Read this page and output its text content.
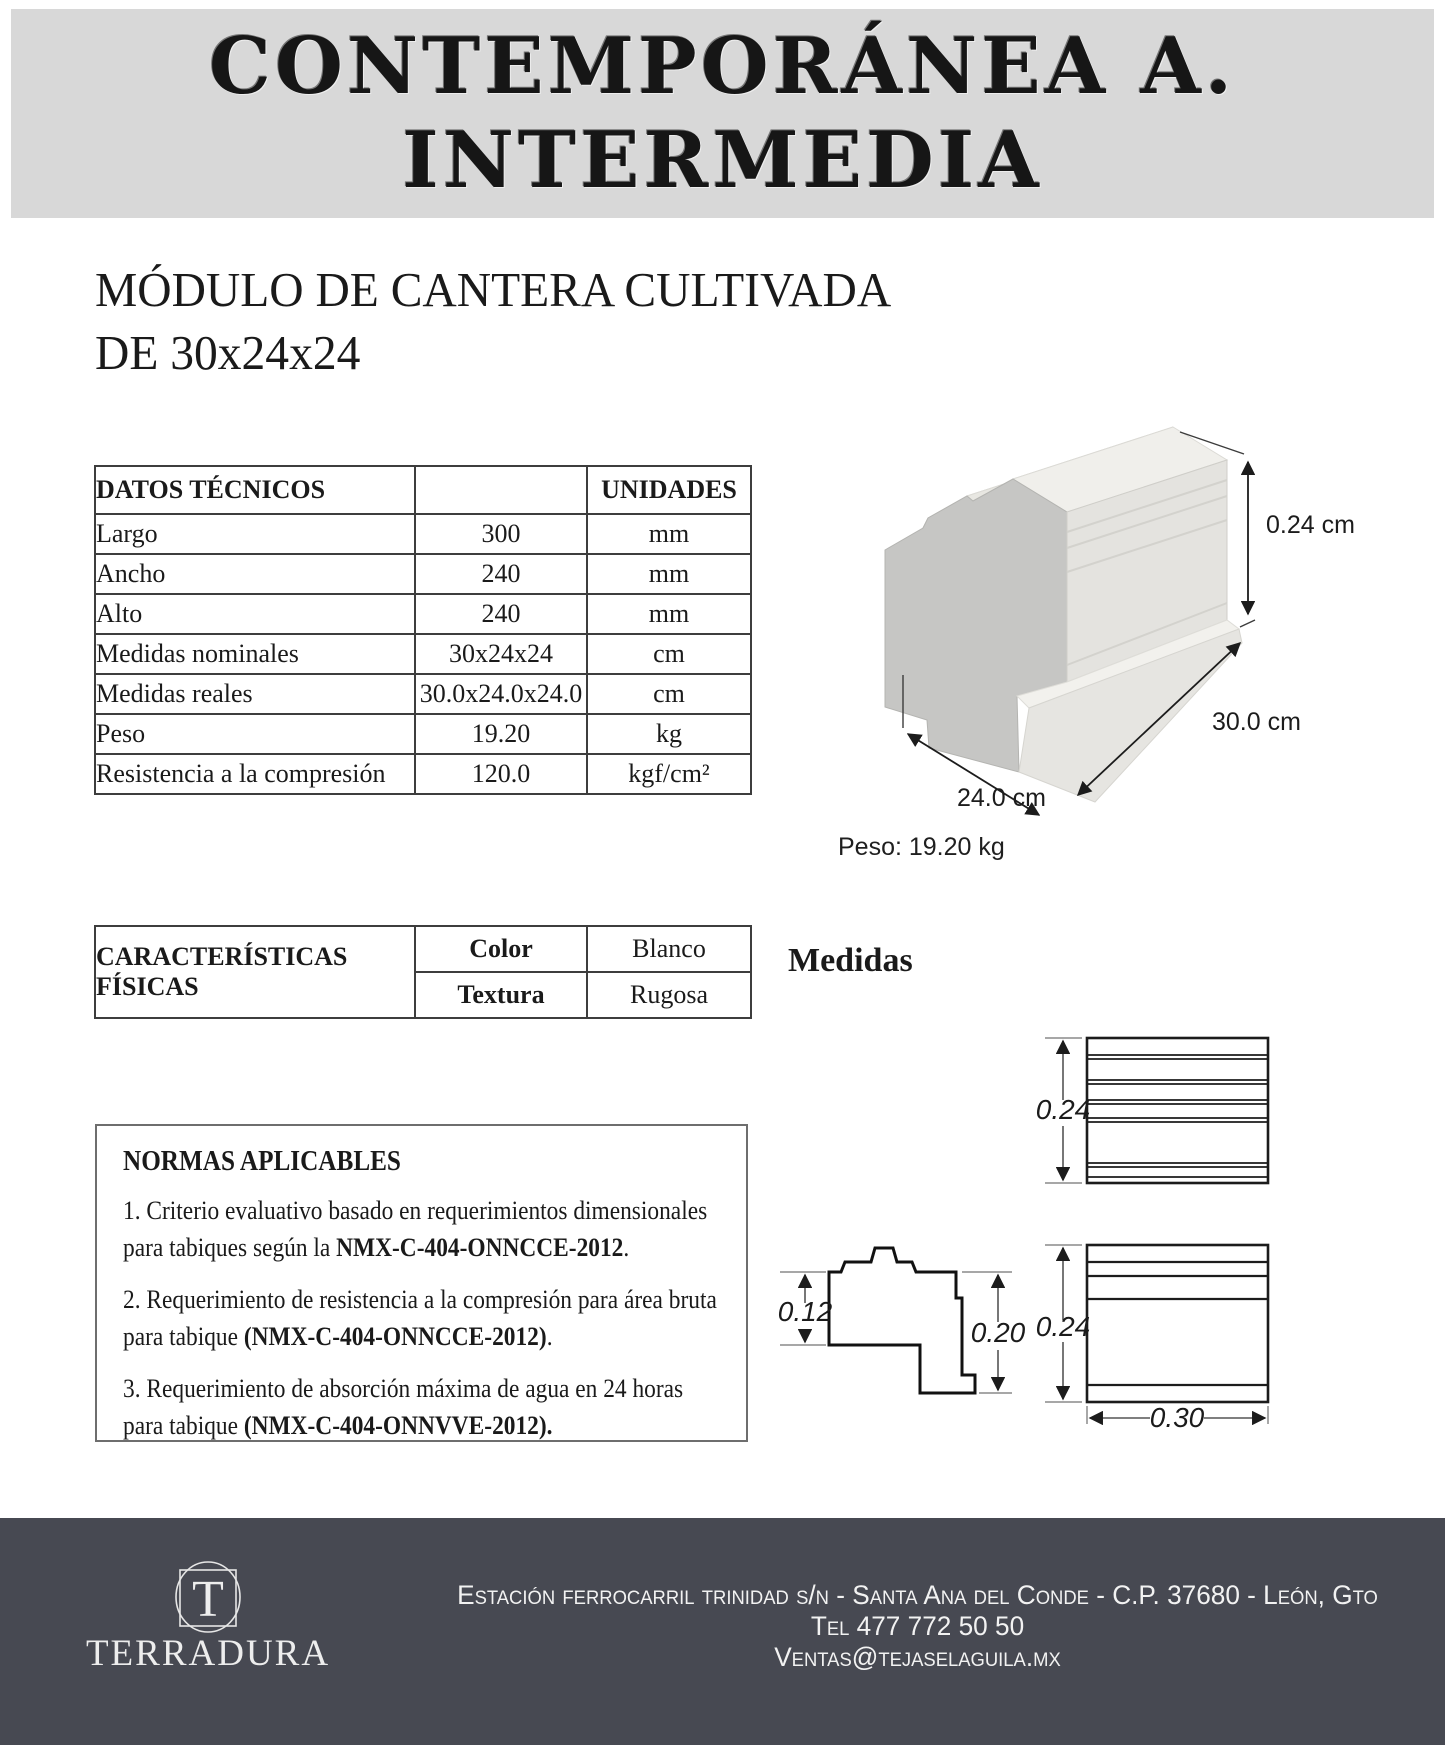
CONTEMPORÁNEA A.
INTERMEDIA
MÓDULO DE CANTERA CULTIVADA
DE 30x24x24
DATOS TÉCNICOS		UNIDADES
Largo	300	mm
Ancho	240	mm
Alto	240	mm
Medidas nominales	30x24x24	cm
Medidas reales	30.0x24.0x24.0	cm
Peso	19.20	kg
Resistencia a la compresión	120.0	kgf/cm²
0.24 cm
30.0 cm
24.0 cm
Peso: 19.20 kg
CARACTERÍSTICAS
FÍSICAS	Color	Blanco
	Textura	Rugosa
Medidas
NORMAS APLICABLES

1. Criterio evaluativo basado en requerimientos dimensionales para tabiques según la NMX-C-404-ONNCCE-2012.

2. Requerimiento de resistencia a la compresión para área bruta para tabique (NMX-C-404-ONNCCE-2012).

3. Requerimiento de absorción máxima de agua en 24 horas para tabique (NMX-C-404-ONNVVE-2012).

0.24
0.24
0.30
0.12
0.20
T
TERRADURA
Estación ferrocarril trinidad s/n - Santa Ana del Conde - C.P. 37680 - León, Gto
Tel 477 772 50 50
Ventas@tejaselaguila.mx
